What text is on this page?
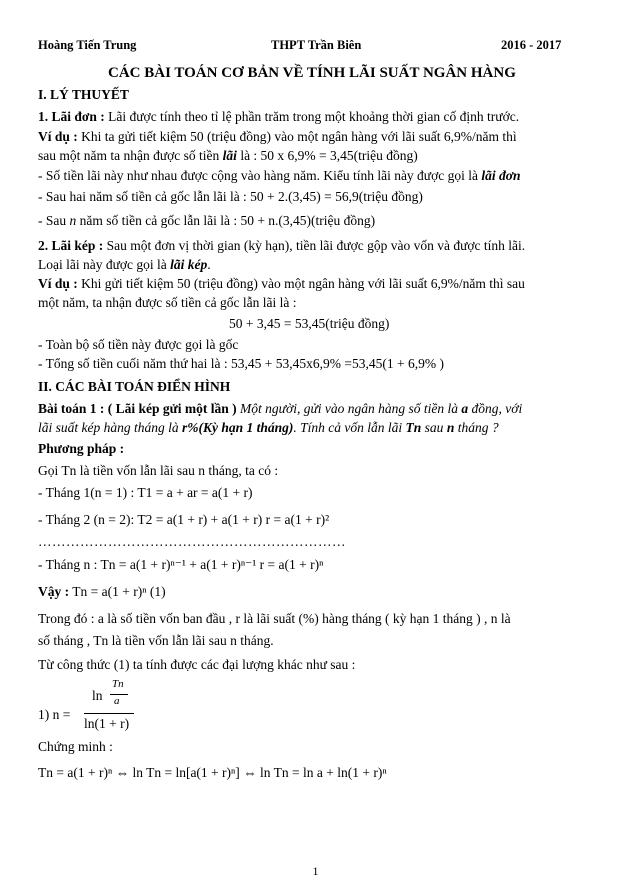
Hoàng Tiến Trung	THPT Trần Biên	2016 - 2017
CÁC BÀI TOÁN CƠ BẢN VỀ TÍNH LÃI SUẤT NGÂN HÀNG
I. LÝ THUYẾT
1. Lãi đơn : Lãi được tính theo tỉ lệ phần trăm trong một khoảng thời gian cố định trước.
Ví dụ : Khi ta gửi tiết kiệm 50 (triệu đồng) vào một ngân hàng với lãi suất 6,9%/năm thì
sau một năm ta nhận được số tiền lãi là : 50 x 6,9% = 3,45(triệu đồng)
- Số tiền lãi này như nhau được cộng vào hàng năm. Kiểu tính lãi này được gọi là lãi đơn
- Sau hai năm số tiền cả gốc lẫn lãi là : 50 + 2.(3,45) = 56,9(triệu đồng)
- Sau n năm số tiền cả gốc lẫn lãi là : 50 + n.(3,45)(triệu đồng)
2. Lãi kép : Sau một đơn vị thời gian (kỳ hạn), tiền lãi được gộp vào vốn và được tính lãi.
Loại lãi này được gọi là lãi kép.
Ví dụ : Khi gửi tiết kiệm 50 (triệu đồng) vào một ngân hàng với lãi suất 6,9%/năm thì sau
một năm, ta nhận được số tiền cả gốc lẫn lãi là :
50 + 3,45 = 53,45(triệu đồng)
- Toàn bộ số tiền này được gọi là gốc
- Tổng số tiền cuối năm thứ hai là : 53,45 + 53,45x6,9% =53,45(1 + 6,9% )
II. CÁC BÀI TOÁN ĐIỂN HÌNH
Bài toán 1 : ( Lãi kép gửi một lần ) Một người, gửi vào ngân hàng số tiền là a đồng, với
lãi suất kép hàng tháng là r%(Kỳ hạn 1 tháng). Tính cả vốn lẫn lãi Tn sau n tháng ?
Phương pháp :
Gọi Tn là tiền vốn lẫn lãi sau n tháng, ta có :
- Tháng 1(n = 1) : T1 = a + ar = a(1 + r)
- Tháng 2 (n = 2): T2 = a(1 + r) + a(1 + r) r = a(1 + r)²
…………………………………………………………
- Tháng n : Tn = a(1 + r)ⁿ⁻¹ + a(1 + r)ⁿ⁻¹ r = a(1 + r)ⁿ
Vậy : Tn = a(1 + r)ⁿ (1)
Trong đó : a là số tiền vốn ban đầu , r là lãi suất (%) hàng tháng ( kỳ hạn 1 tháng ) , n là
số tháng , Tn là tiền vốn lẫn lãi sau n tháng.
Từ công thức (1) ta tính được các đại lượng khác như sau :
1) n =
ln
Tn
a
ln(1 + r)
Chứng minh :
Tn = a(1 + r)ⁿ ⇔ ln Tn = ln[a(1 + r)ⁿ] ⇔ ln Tn = ln a + ln(1 + r)ⁿ
1
